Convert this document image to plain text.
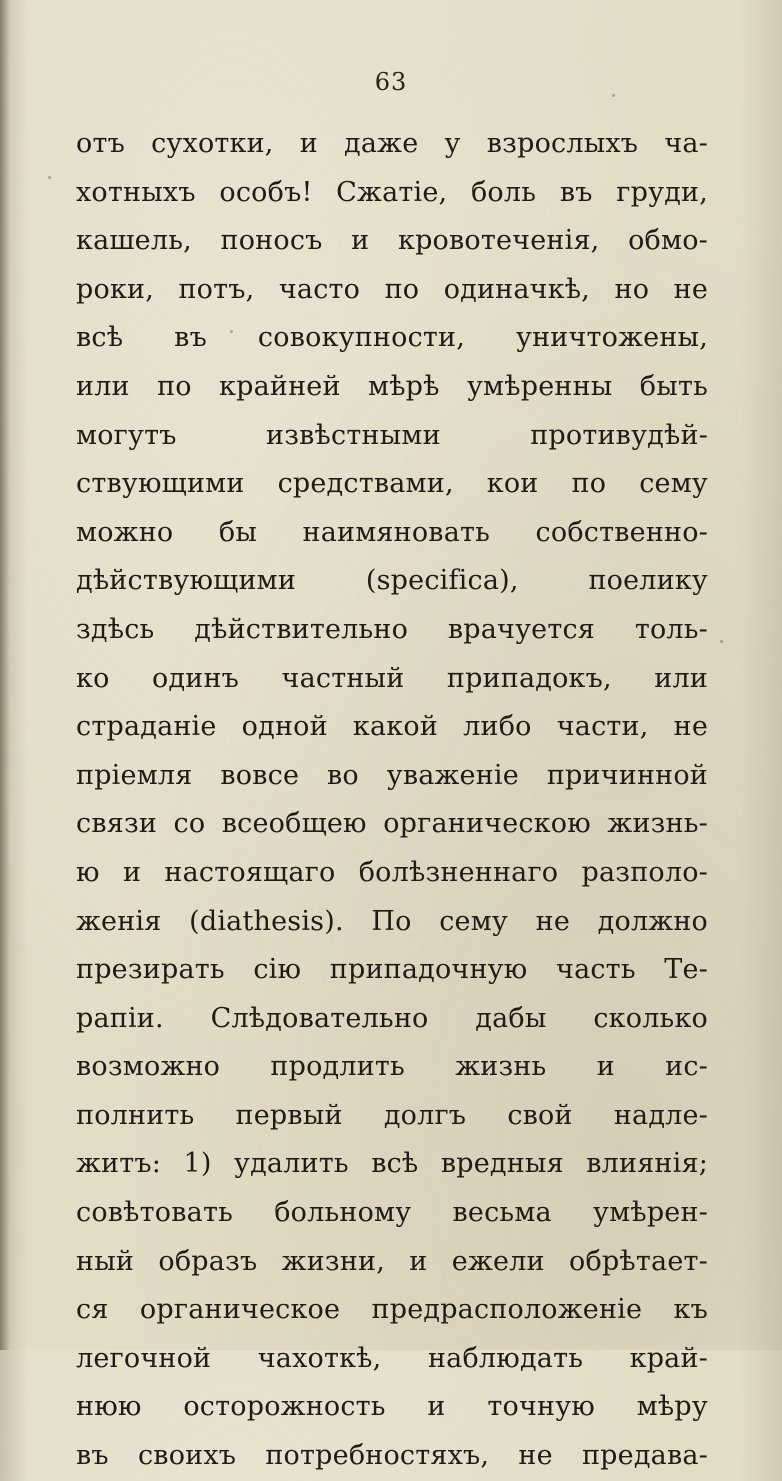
63
отъ сухотки, и даже у взрослыхъ ча-
хотныхъ особъ! Сжатіе, боль въ груди,
кашель, поносъ и кровотеченія, обмо-
роки, потъ, часто по одиначкѣ, но не
всѣ въ совокупности, уничтожены,
или по крайней мѣрѣ умѣренны быть
могутъ извѣстными противудѣй-
ствующими средствами, кои по сему
можно бы наимяновать собственно-
дѣйствующими (specifica), поелику
здѣсь дѣйствительно врачуется толь-
ко одинъ частный припадокъ, или
страданіе одной какой либо части, не
пріемля вовсе во уваженіе причинной
связи со всеобщею органическою жизнь-
ю и настоящаго болѣзненнаго разполо-
женія (diathesis). По сему не должно
презирать сію припадочную часть Те-
рапіи. Слѣдовательно дабы сколько
возможно продлить жизнь и ис-
полнить первый долгъ свой надле-
житъ: 1) удалить всѣ вредныя влиянія;
совѣтовать больному весьма умѣрен-
ный образъ жизни, и ежели обрѣтает-
ся органическое предрасположеніе къ
легочной чахоткѣ, наблюдать край-
нюю осторожность и точную мѣру
въ своихъ потребностяхъ, не предава-
